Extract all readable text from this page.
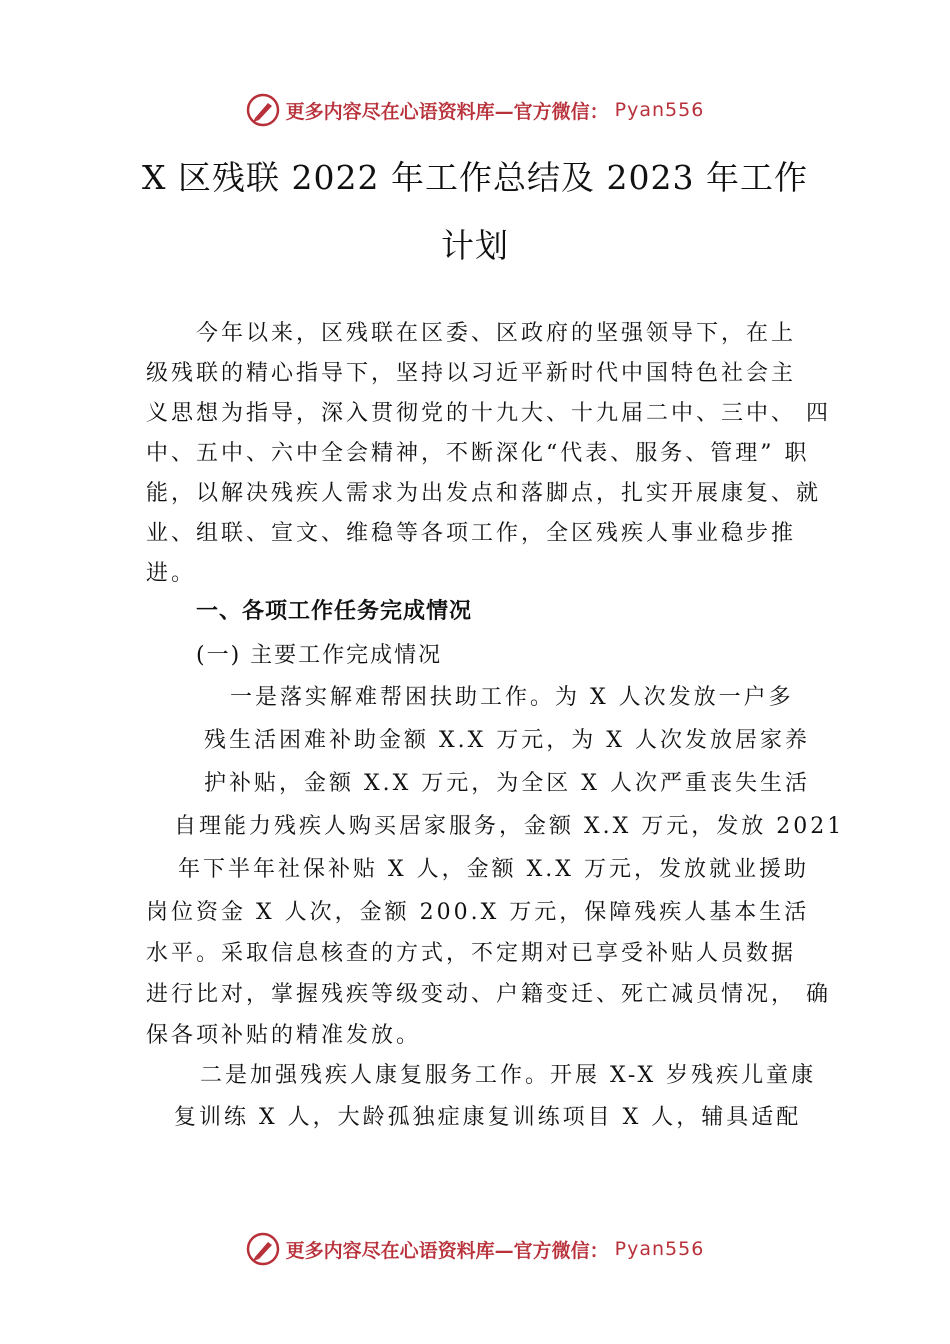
更多内容尽在心语资料库—官方微信： Pyan556
X 区残联 2022 年工作总结及 2023 年工作
计划
今年以来，区残联在区委、区政府的坚强领导下，在上
级残联的精心指导下，坚持以习近平新时代中国特色社会主
义思想为指导，深入贯彻党的十九大、十九届二中、三中、 四
中、五中、六中全会精神，不断深化“代表、服务、管理” 职
能，以解决残疾人需求为出发点和落脚点，扎实开展康复、就
业、组联、宣文、维稳等各项工作，全区残疾人事业稳步推
进。
一、各项工作任务完成情况
(一) 主要工作完成情况
一是落实解难帮困扶助工作。为 X 人次发放一户多
残生活困难补助金额 X.X 万元，为 X 人次发放居家养
护补贴，金额 X.X 万元，为全区 X 人次严重丧失生活
自理能力残疾人购买居家服务，金额 X.X 万元，发放 2021
年下半年社保补贴 X 人，金额 X.X 万元，发放就业援助
岗位资金 X 人次，金额 200.X 万元，保障残疾人基本生活
水平。采取信息核查的方式，不定期对已享受补贴人员数据
进行比对，掌握残疾等级变动、户籍变迁、死亡减员情况， 确
保各项补贴的精准发放。
二是加强残疾人康复服务工作。开展 X-X 岁残疾儿童康
复训练 X 人，大龄孤独症康复训练项目 X 人，辅具适配
更多内容尽在心语资料库—官方微信： Pyan556
